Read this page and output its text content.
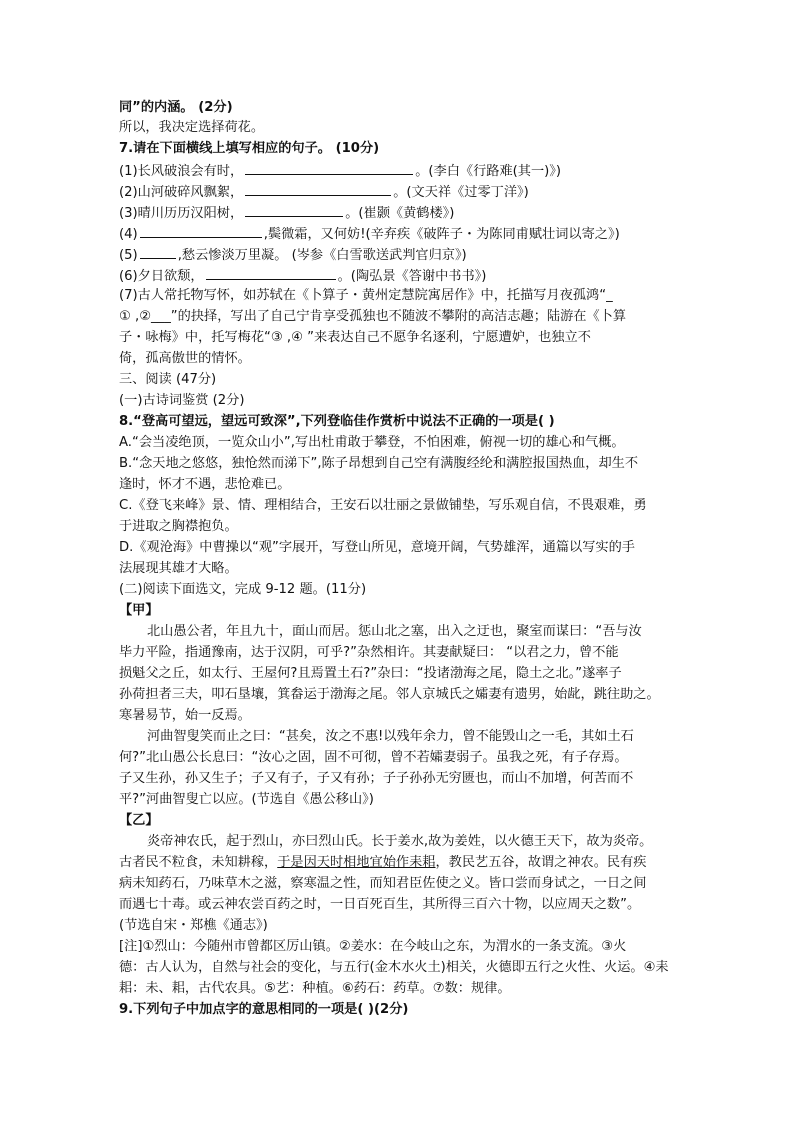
同”的内涵。 (2分)
所以，我决定选择荷花。
7.请在下面横线上填写相应的句子。 (10分)
(1)长风破浪会有时，	。(李白《行路难(其一)》)
(2)山河破碎风飘絮，	。(文天祥《过零丁洋》)
(3)晴川历历汉阳树，	。(崔颢《黄鹤楼》)
(4)	,鬓微霜，又何妨!(辛弃疾《破阵子・为陈同甫赋壮词以寄之》)
(5)	,愁云惨淡万里凝。 (岑参《白雪歌送武判官归京》)
(6)夕日欲颓，	。(陶弘景《答谢中书书》)
(7)古人常托物写怀，如苏轼在《卜算子・黄州定慧院寓居作》中，托描写月夜孤鸿“_
① ,②___”的抉择，写出了自己宁肯享受孤独也不随波不攀附的高洁志趣；陆游在《卜算
子・咏梅》中，托写梅花“③ ,④ ”来表达自己不愿争名逐利，宁愿遭妒，也独立不
倚，孤高傲世的情怀。
三、阅读 (47分)
(一)古诗词鉴赏 (2分)
8.“登高可望远，望远可致深”,下列登临佳作赏析中说法不正确的一项是( )
A.“会当凌绝顶，一览众山小”,写出杜甫敢于攀登，不怕困难，俯视一切的雄心和气概。
B.“念天地之悠悠，独怆然而涕下”,陈子昂想到自己空有满腹经纶和满腔报国热血，却生不
逢时，怀才不遇，悲怆难已。
C.《登飞来峰》景、情、理相结合，王安石以壮丽之景做铺垫，写乐观自信，不畏艰难，勇
于进取之胸襟抱负。
D.《观沧海》中曹操以“观”字展开，写登山所见，意境开阔，气势雄浑，通篇以写实的手
法展现其雄才大略。
(二)阅读下面选文，完成 9-12 题。(11分)
【甲】
北山愚公者，年且九十，面山而居。惩山北之塞，出入之迂也，聚室而谋曰：“吾与汝
毕力平险，指通豫南，达于汉阴，可乎?”杂然相许。其妻献疑曰： “以君之力，曾不能
损魁父之丘，如太行、王屋何?且焉置土石?”杂曰：“投诸渤海之尾，隐土之北。”遂率子
孙荷担者三夫，叩石垦壤，箕畚运于渤海之尾。邻人京城氏之孀妻有遗男，始龀，跳往助之。
寒暑易节，始一反焉。
河曲智叟笑而止之曰：“甚矣，汝之不惠!以残年余力，曾不能毁山之一毛，其如土石
何?”北山愚公长息曰：“汝心之固，固不可彻，曾不若孀妻弱子。虽我之死，有子存焉。
子又生孙，孙又生子；子又有子，子又有孙；子子孙孙无穷匮也，而山不加增，何苦而不
平?”河曲智叟亡以应。(节选自《愚公移山》)
【乙】
炎帝神农氏，起于烈山，亦曰烈山氏。长于姜水,故为姜姓，以火德王天下，故为炎帝。
古者民不粒食，未知耕稼，于是因天时相地宜始作耒耜，教民艺五谷，故谓之神农。民有疾
病未知药石，乃味草木之滋，察寒温之性，而知君臣佐使之义。皆口尝而身试之，一日之间
而遇七十毒。或云神农尝百药之时，一日百死百生，其所得三百六十物，以应周天之数”。
(节选自宋・郑樵《通志》)
[注]①烈山：今随州市曾都区厉山镇。②姜水：在今岐山之东，为渭水的一条支流。③火
德：古人认为，自然与社会的变化，与五行(金木水火土)相关，火德即五行之火性、火运。④耒
耜：未、耜，古代农具。⑤艺：种植。⑥药石：药草。⑦数：规律。
9.下列句子中加点字的意思相同的一项是( )(2分)
